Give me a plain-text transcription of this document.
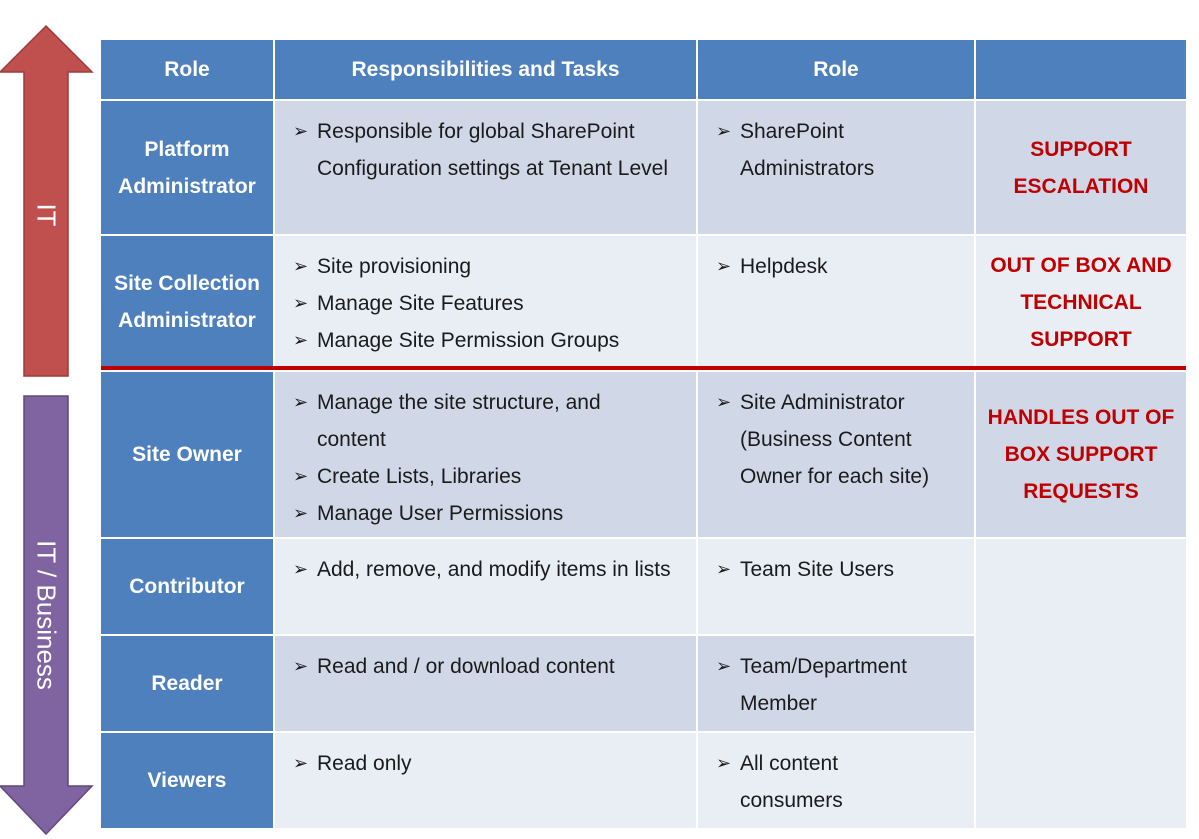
IT
IT / Business
Role	Responsibilities and Tasks	Role
Platform Administrator
Site Collection Administrator
Site Owner
Contributor
Reader
Viewers
➢ Responsible for global SharePoint Configuration settings at Tenant Level
➢ Site provisioning
➢ Manage Site Features
➢ Manage Site Permission Groups
➢ Manage the site structure, and content
➢ Create Lists, Libraries
➢ Manage User Permissions
➢ Add, remove, and modify items in lists
➢ Read and / or download content
➢ Read only
➢ SharePoint Administrators
➢ Helpdesk
➢ Site Administrator (Business Content Owner for each site)
➢ Team Site Users
➢ Team/Department Member
➢ All content consumers
SUPPORT ESCALATION
OUT OF BOX AND TECHNICAL SUPPORT
HANDLES OUT OF BOX SUPPORT REQUESTS
